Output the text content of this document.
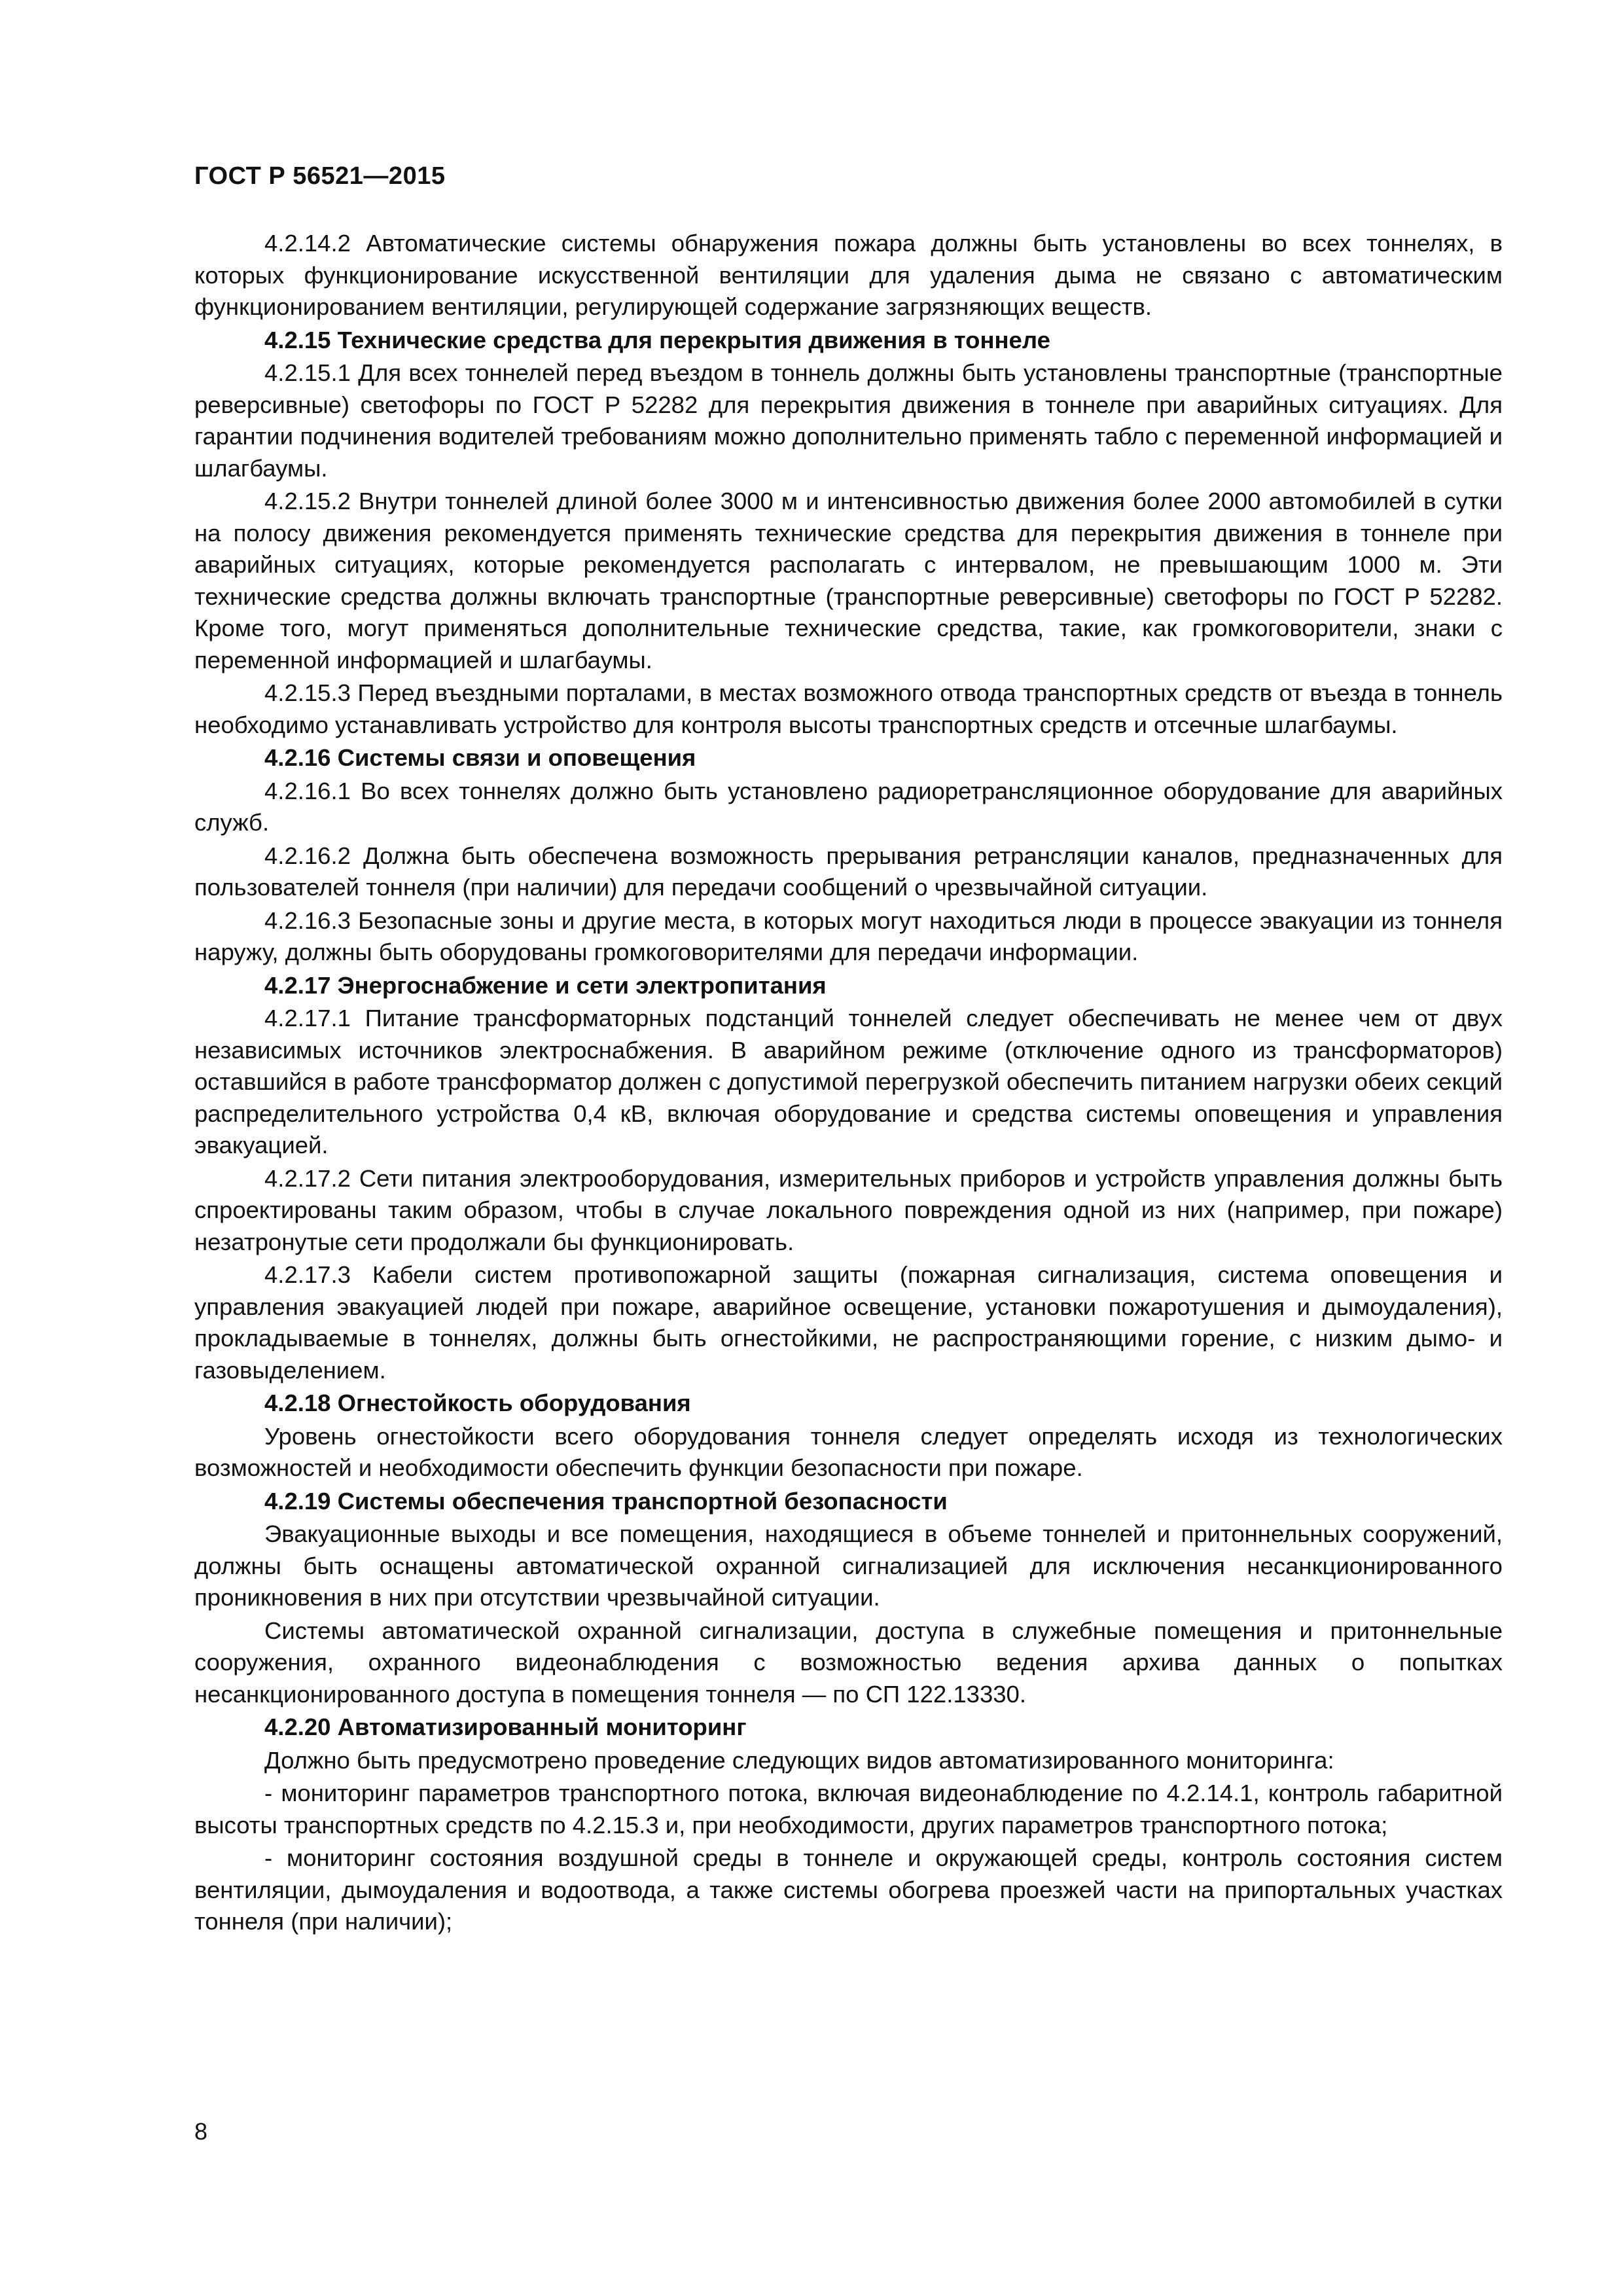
ГОСТ Р 56521—2015

4.2.14.2 Автоматические системы обнаружения пожара должны быть установлены во всех тоннелях, в которых функционирование искусственной вентиляции для удаления дыма не связано с автоматическим функционированием вентиляции, регулирующей содержание загрязняющих веществ.

4.2.15 Технические средства для перекрытия движения в тоннеле

4.2.15.1 Для всех тоннелей перед въездом в тоннель должны быть установлены транспортные (транспортные реверсивные) светофоры по ГОСТ Р 52282 для перекрытия движения в тоннеле при аварийных ситуациях. Для гарантии подчинения водителей требованиям можно дополнительно применять табло с переменной информацией и шлагбаумы.

4.2.15.2 Внутри тоннелей длиной более 3000 м и интенсивностью движения более 2000 автомобилей в сутки на полосу движения рекомендуется применять технические средства для перекрытия движения в тоннеле при аварийных ситуациях, которые рекомендуется располагать с интервалом, не превышающим 1000 м. Эти технические средства должны включать транспортные (транспортные реверсивные) светофоры по ГОСТ Р 52282. Кроме того, могут применяться дополнительные технические средства, такие, как громкоговорители, знаки с переменной информацией и шлагбаумы.

4.2.15.3 Перед въездными порталами, в местах возможного отвода транспортных средств от въезда в тоннель необходимо устанавливать устройство для контроля высоты транспортных средств и отсечные шлагбаумы.

4.2.16 Системы связи и оповещения

4.2.16.1 Во всех тоннелях должно быть установлено радиоретрансляционное оборудование для аварийных служб.

4.2.16.2 Должна быть обеспечена возможность прерывания ретрансляции каналов, предназначенных для пользователей тоннеля (при наличии) для передачи сообщений о чрезвычайной ситуации.

4.2.16.3 Безопасные зоны и другие места, в которых могут находиться люди в процессе эвакуации из тоннеля наружу, должны быть оборудованы громкоговорителями для передачи информации.

4.2.17 Энергоснабжение и сети электропитания

4.2.17.1 Питание трансформаторных подстанций тоннелей следует обеспечивать не менее чем от двух независимых источников электроснабжения. В аварийном режиме (отключение одного из трансформаторов) оставшийся в работе трансформатор должен с допустимой перегрузкой обеспечить питанием нагрузки обеих секций распределительного устройства 0,4 кВ, включая оборудование и средства системы оповещения и управления эвакуацией.

4.2.17.2 Сети питания электрооборудования, измерительных приборов и устройств управления должны быть спроектированы таким образом, чтобы в случае локального повреждения одной из них (например, при пожаре) незатронутые сети продолжали бы функционировать.

4.2.17.3 Кабели систем противопожарной защиты (пожарная сигнализация, система оповещения и управления эвакуацией людей при пожаре, аварийное освещение, установки пожаротушения и дымоудаления), прокладываемые в тоннелях, должны быть огнестойкими, не распространяющими горение, с низким дымо- и газовыделением.

4.2.18 Огнестойкость оборудования

Уровень огнестойкости всего оборудования тоннеля следует определять исходя из технологических возможностей и необходимости обеспечить функции безопасности при пожаре.

4.2.19 Системы обеспечения транспортной безопасности

Эвакуационные выходы и все помещения, находящиеся в объеме тоннелей и притоннельных сооружений, должны быть оснащены автоматической охранной сигнализацией для исключения несанкционированного проникновения в них при отсутствии чрезвычайной ситуации.

Системы автоматической охранной сигнализации, доступа в служебные помещения и притоннельные сооружения, охранного видеонаблюдения с возможностью ведения архива данных о попытках несанкционированного доступа в помещения тоннеля — по СП 122.13330.

4.2.20 Автоматизированный мониторинг

Должно быть предусмотрено проведение следующих видов автоматизированного мониторинга:

- мониторинг параметров транспортного потока, включая видеонаблюдение по 4.2.14.1, контроль габаритной высоты транспортных средств по 4.2.15.3 и, при необходимости, других параметров транспортного потока;

- мониторинг состояния воздушной среды в тоннеле и окружающей среды, контроль состояния систем вентиляции, дымоудаления и водоотвода, а также системы обогрева проезжей части на припортальных участках тоннеля (при наличии);

8
